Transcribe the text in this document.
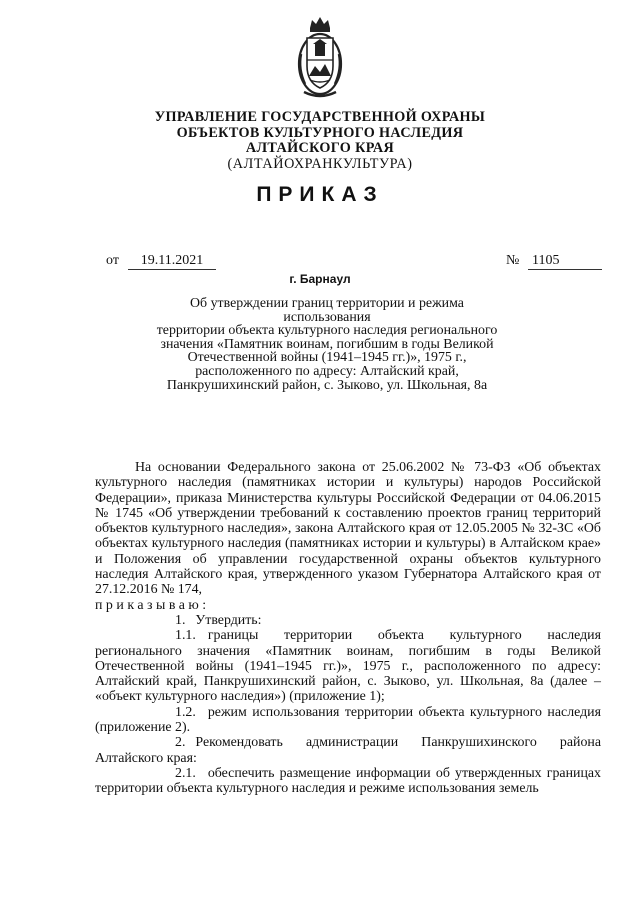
УПРАВЛЕНИЕ ГОСУДАРСТВЕННОЙ ОХРАНЫ
ОБЪЕКТОВ КУЛЬТУРНОГО НАСЛЕДИЯ
АЛТАЙСКОГО КРАЯ
(АЛТАЙОХРАНКУЛЬТУРА)
ПРИКАЗ
от	19.11.2021	№ 1105
г. Барнаул
Об утверждении границ территории и режима использования
территории объекта культурного наследия регионального
значения «Памятник воинам, погибшим в годы Великой
Отечественной войны (1941–1945 гг.)», 1975 г.,
расположенного по адресу: Алтайский край,
Панкрушихинский район, с. Зыково, ул. Школьная, 8а

На основании Федерального закона от 25.06.2002 № 73-ФЗ «Об объектах культурного наследия (памятниках истории и культуры) народов Российской Федерации», приказа Министерства культуры Российской Федерации от 04.06.2015 № 1745 «Об утверждении требований к составлению проектов границ территорий объектов культурного наследия», закона Алтайского края от 12.05.2005 № 32-ЗС «Об объектах культурного наследия (памятниках истории и культуры) в Алтайском крае» и Положения об управлении государственной охраны объектов культурного наследия Алтайского края, утвержденного указом Губернатора Алтайского края от 27.12.2016 № 174,

приказываю:

1. Утвердить:

1.1. границы территории объекта культурного наследия регионального значения «Памятник воинам, погибшим в годы Великой Отечественной войны (1941–1945 гг.)», 1975 г., расположенного по адресу: Алтайский край, Панкрушихинский район, с. Зыково, ул. Школьная, 8а (далее – «объект культурного наследия») (приложение 1);

1.2. режим использования территории объекта культурного наследия (приложение 2).

2. Рекомендовать администрации Панкрушихинского района Алтайского края:

2.1. обеспечить размещение информации об утвержденных границах территории объекта культурного наследия и режиме использования земель
